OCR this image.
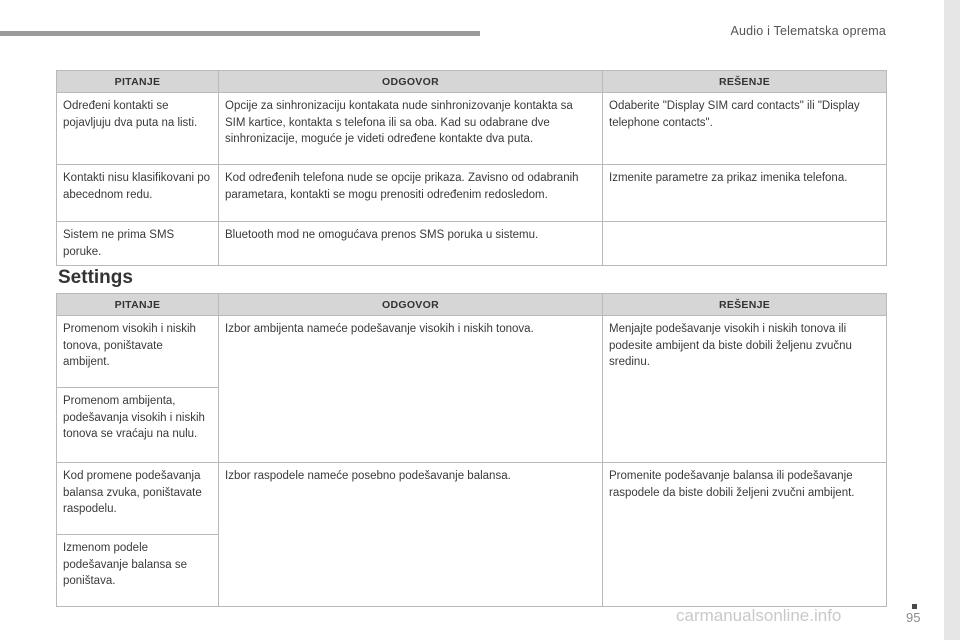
Audio i Telematska oprema
PITANJE	ODGOVOR	REŠENJE
Određeni kontakti se pojavljuju dva puta na listi.	Opcije za sinhronizaciju kontakata nude sinhronizovanje kontakta sa SIM kartice, kontakta s telefona ili sa oba. Kad su odabrane dve sinhronizacije, moguće je videti određene kontakte dva puta.	Odaberite "Display SIM card contacts" ili "Display telephone contacts".
Kontakti nisu klasifikovani po abecednom redu.	Kod određenih telefona nude se opcije prikaza. Zavisno od odabranih parametara, kontakti se mogu prenositi određenim redosledom.	Izmenite parametre za prikaz imenika telefona.
Sistem ne prima SMS poruke.	Bluetooth mod ne omogućava prenos SMS poruka u sistemu.	
Settings
PITANJE	ODGOVOR	REŠENJE
Promenom visokih i niskih tonova, poništavate ambijent.	Izbor ambijenta nameće podešavanje visokih i niskih tonova.	Menjajte podešavanje visokih i niskih tonova ili podesite ambijent da biste dobili željenu zvučnu sredinu.
Promenom ambijenta, podešavanja visokih i niskih tonova se vraćaju na nulu.		
Kod promene podešavanja balansa zvuka, poništavate raspodelu.	Izbor raspodele nameće posebno podešavanje balansa.	Promenite podešavanje balansa ili podešavanje raspodele da biste dobili željeni zvučni ambijent.
Izmenom podele podešavanje balansa se poništava.		
95
carmanualsonline.info
